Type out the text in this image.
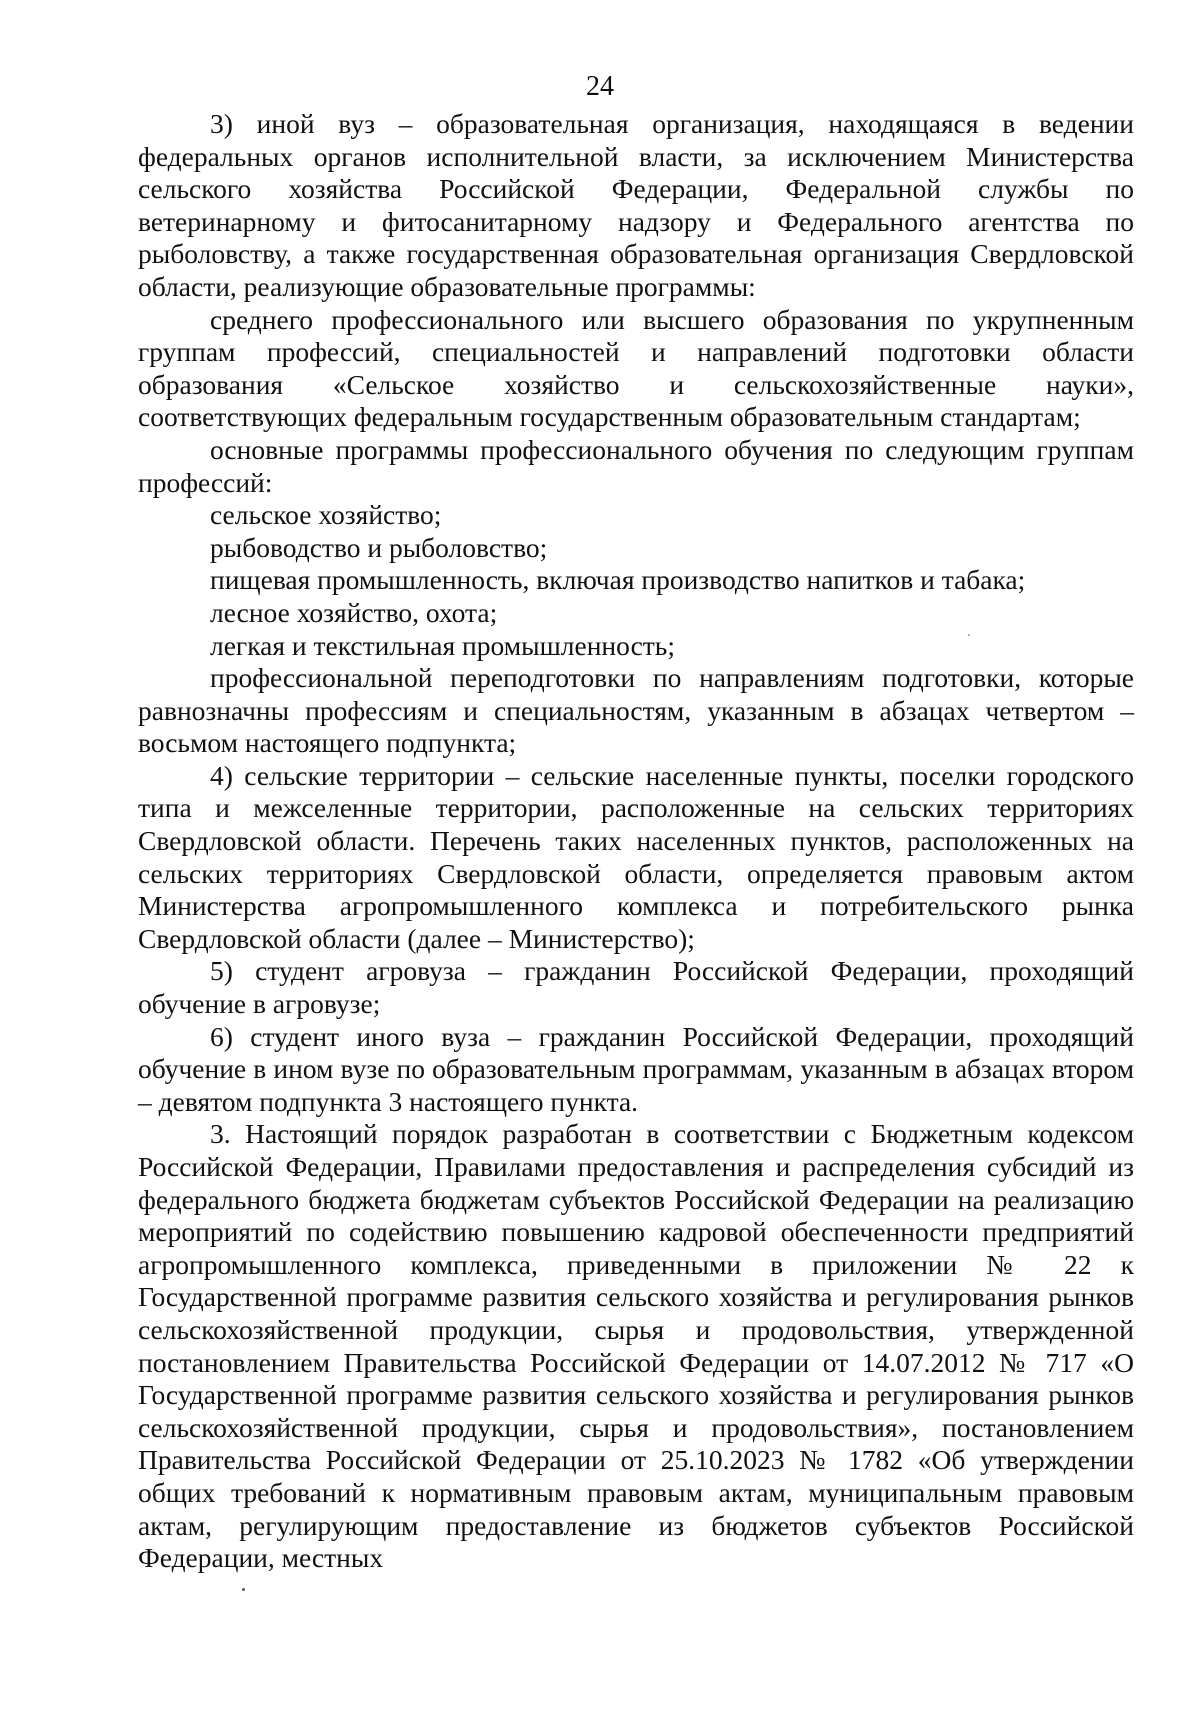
24

3) иной вуз – образовательная организация, находящаяся в ведении федеральных органов исполнительной власти, за исключением Министерства сельского хозяйства Российской Федерации, Федеральной службы по ветеринарному и фитосанитарному надзору и Федерального агентства по рыболовству, а также государственная образовательная организация Свердловской области, реализующие образовательные программы:

среднего профессионального или высшего образования по укрупненным группам профессий, специальностей и направлений подготовки области образования «Сельское хозяйство и сельскохозяйственные науки», соответствующих федеральным государственным образовательным стандартам;

основные программы профессионального обучения по следующим группам профессий:

сельское хозяйство;

рыбоводство и рыболовство;

пищевая промышленность, включая производство напитков и табака;

лесное хозяйство, охота;

легкая и текстильная промышленность;

профессиональной переподготовки по направлениям подготовки, которые равнозначны профессиям и специальностям, указанным в абзацах четвертом – восьмом настоящего подпункта;

4) сельские территории – сельские населенные пункты, поселки городского типа и межселенные территории, расположенные на сельских территориях Свердловской области. Перечень таких населенных пунктов, расположенных на сельских территориях Свердловской области, определяется правовым актом Министерства агропромышленного комплекса и потребительского рынка Свердловской области (далее – Министерство);

5) студент агровуза – гражданин Российской Федерации, проходящий обучение в агровузе;

6) студент иного вуза – гражданин Российской Федерации, проходящий обучение в ином вузе по образовательным программам, указанным в абзацах втором – девятом подпункта 3 настоящего пункта.

3. Настоящий порядок разработан в соответствии с Бюджетным кодексом Российской Федерации, Правилами предоставления и распределения субсидий из федерального бюджета бюджетам субъектов Российской Федерации на реализацию мероприятий по содействию повышению кадровой обеспеченности предприятий агропромышленного комплекса, приведенными в приложении № 22 к Государственной программе развития сельского хозяйства и регулирования рынков сельскохозяйственной продукции, сырья и продовольствия, утвержденной постановлением Правительства Российской Федерации от 14.07.2012 № 717 «О Государственной программе развития сельского хозяйства и регулирования рынков сельскохозяйственной продукции, сырья и продовольствия», постановлением Правительства Российской Федерации от 25.10.2023 № 1782 «Об утверждении общих требований к нормативным правовым актам, муниципальным правовым актам, регулирующим предоставление из бюджетов субъектов Российской Федерации, местных
